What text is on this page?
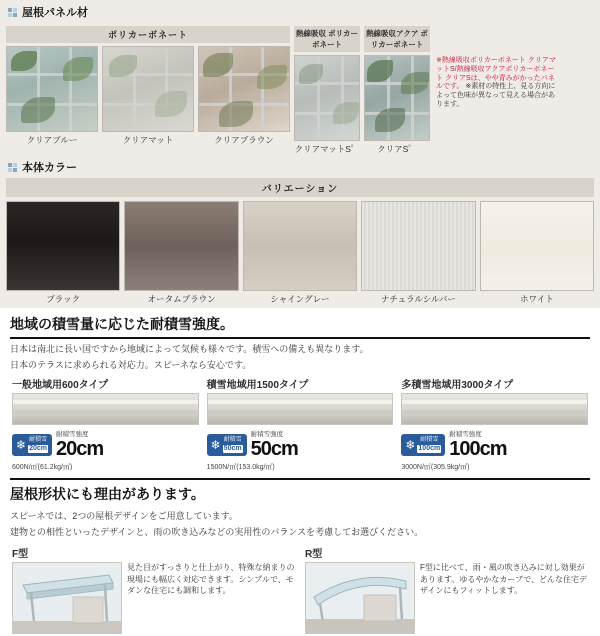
屋根パネル材
ポリカーボネート
クリアブルー	クリアマット	クリアブラウン
熱線吸収 ポリカーボネート
熱線吸収アクア ポリカーボネート
クリアマットS゜	クリアS゜
※熱線吸収ポリカーボネート クリアマットS/熱線吸収アクアポリカーボネート クリアSは、やや青みがかったパネルです。 ※素材の特性上、見る方向によって色味が異なって見える場合があります。
本体カラー
バリエーション
ブラック	オータムブラウン	シャイングレー	ナチュラルシルバー	ホワイト
地域の積雪量に応じた耐積雪強度。

日本は南北に長い国ですから地域によって気候も様々です。積雪への備えも異なります。

日本のテラスに求められる対応力。スピーネなら安心です。

一般地域用600タイプ
❄ 耐積雪
20cm
耐積雪強度
20cm
600N/㎡(61.2kg/㎡)
積雪地域用1500タイプ
❄ 耐積雪
50cm
耐積雪強度
50cm
1500N/㎡(153.0kg/㎡)
多積雪地域用3000タイプ
❄ 耐積雪
100cm
耐積雪強度
100cm
3000N/㎡(305.9kg/㎡)
屋根形状にも理由があります。

スピーネでは、2つの屋根デザインをご用意しています。

建物との相性といったデザインと、雨の吹き込みなどの実用性のバランスを考慮してお選びください。

F型
見た目がすっきりと仕上がり、特殊な納まりの現場にも幅広く対応できます。シンプルで、モダンな住宅にも調和します。
R型
F型に比べて、雨・風の吹き込みに対し効果があります。ゆるやかなカーブで、どんな住宅デザインにもフィットします。
